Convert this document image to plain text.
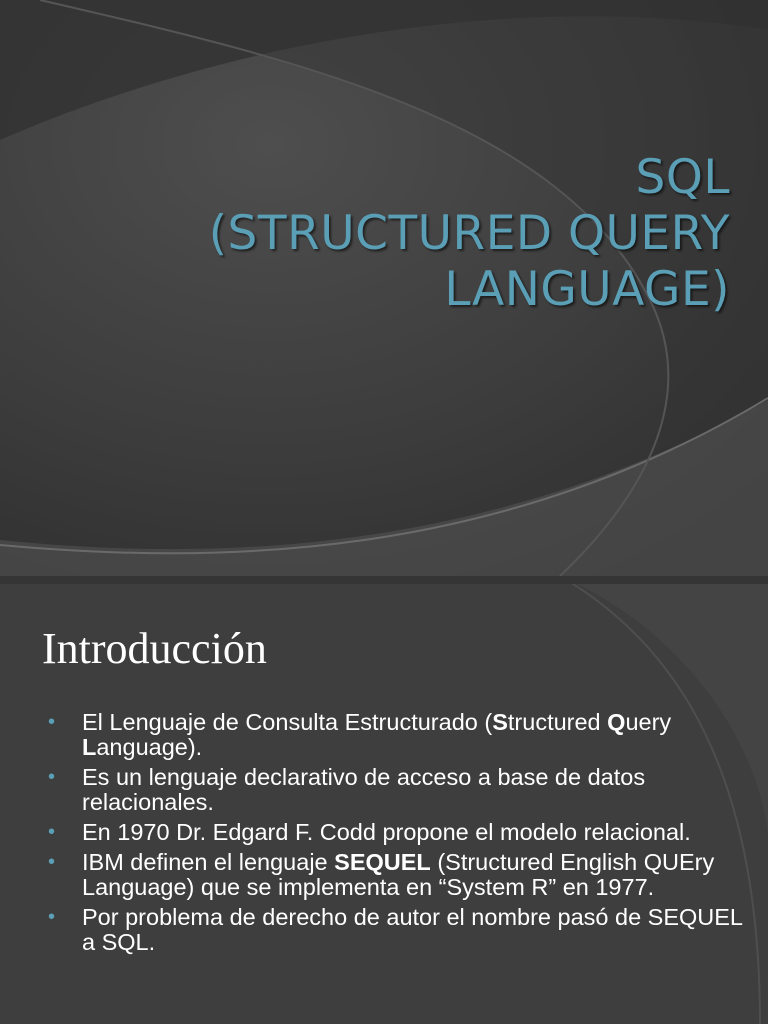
SQL
(STRUCTURED QUERY
LANGUAGE)
Introducción
• El Lenguaje de Consulta Estructurado (Structured Query Language).
• Es un lenguaje declarativo de acceso a base de datos relacionales.
• En 1970 Dr. Edgard F. Codd propone el modelo relacional.
• IBM definen el lenguaje SEQUEL (Structured English QUEry Language) que se implementa en “System R” en 1977.
• Por problema de derecho de autor el nombre pasó de SEQUEL a SQL.
